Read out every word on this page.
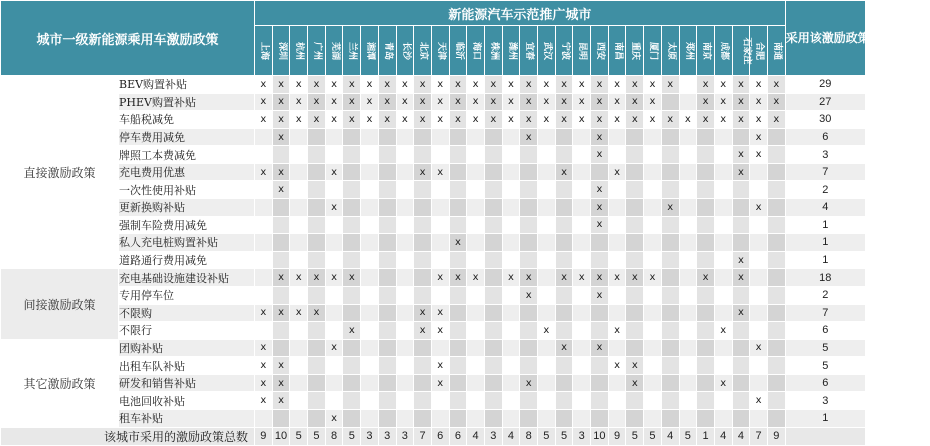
城市一级新能源乘用车激励政策		新能源汽车示范推广城市																														采用该激励政策的城市数量
		上海	深圳	杭州	广州	芜湖	兰州	湘潭	青岛	长沙	北京	天津	临沂	海口	株洲	潍州	宜春	武汉	宁波	昆明	西安	南昌	重庆	厦门	太原	郑州	南京	成都	石家庄	合肥	南通	
直接激励政策	BEV购置补贴	x	x	x	x	x	x	x	x	x	x	x	x	x	x	x	x	x	x	x	x	x	x	x	x		x	x	x	x	x	29
	PHEV购置补贴	x	x	x	x	x	x	x	x	x	x	x	x	x	x	x	x	x	x	x	x	x	x	x			x	x	x	x	x	27
	车船税减免	x	x	x	x	x	x	x	x	x	x	x	x	x	x	x	x	x	x	x	x	x	x	x	x	x	x	x	x	x	x	30
	停车费用减免		x														x				x									x		6
	牌照工本费减免																				x								x	x		3
	充电费用优惠	x	x			x					x	x							x			x							x			7
	一次性使用补贴		x																		x											2
	更新换购补贴					x															x				x					x		4
	强制车险费用减免																				x											1
	私人充电桩购置补贴												x																			1
	道路通行费用减免																												x			1
间接激励政策	充电基础设施建设补贴		x	x	x	x	x					x	x	x		x	x		x	x	x	x	x	x			x		x			18
	专用停车位																x				x											2
	不限购	x	x	x	x						x	x																	x			7
	不限行						x				x	x						x				x						x				6
其它激励政策	团购补贴	x				x													x		x									x		5
	出租车队补贴	x	x									x										x	x									5
	研发和销售补贴	x	x									x					x						x					x				6
	电池回收补贴	x	x																											x		3
	租车补贴					x																										1
该城市采用的激励政策总数		9	10	5	5	8	5	3	3	3	7	6	6	4	3	4	8	5	5	3	10	9	5	5	4	5	1	4	4	7	9	
